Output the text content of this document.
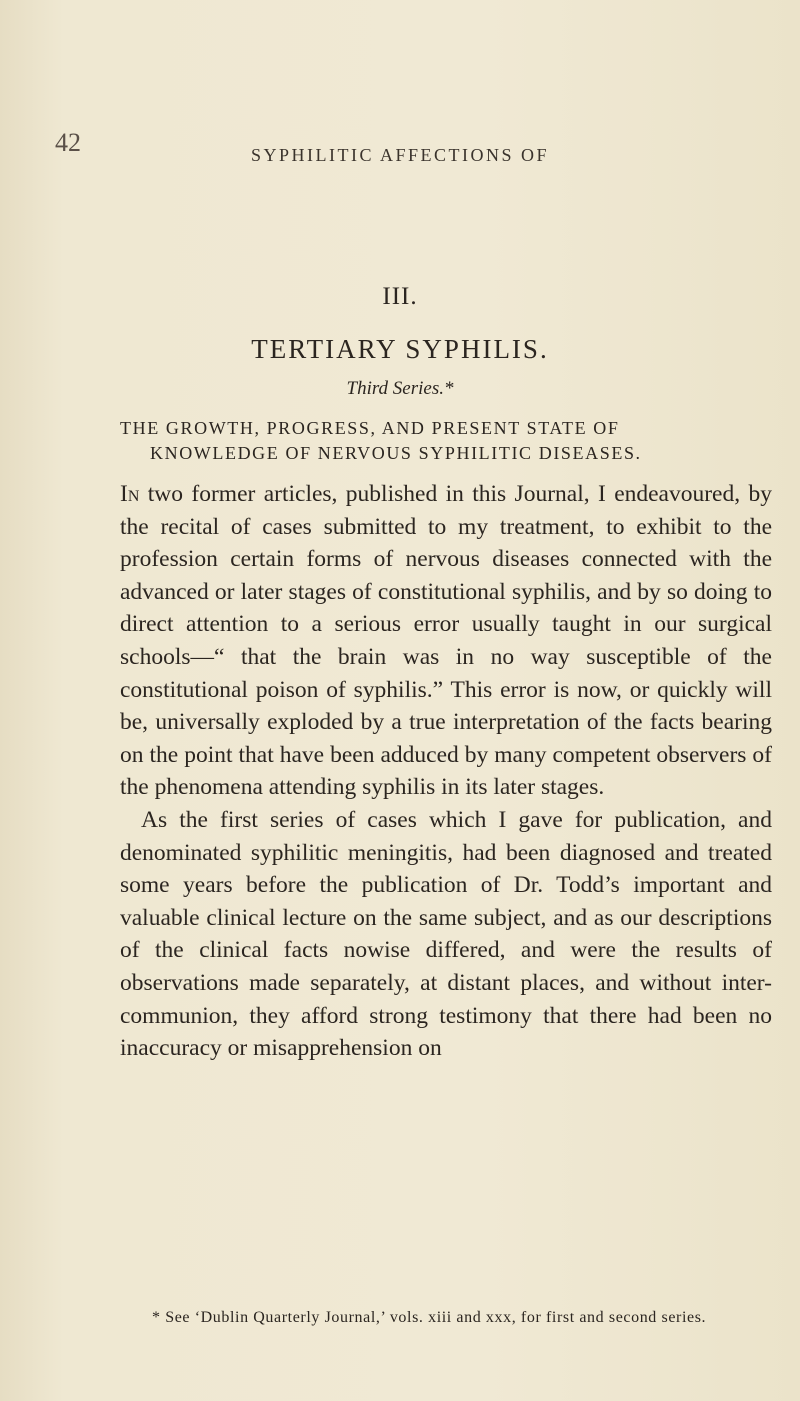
42	SYPHILITIC AFFECTIONS OF
III.
TERTIARY SYPHILIS.
Third Series.*
THE GROWTH, PROGRESS, AND PRESENT STATE OF
KNOWLEDGE OF NERVOUS SYPHILITIC DISEASES.

In two former articles, published in this Journal, I endeavoured, by the recital of cases submitted to my treatment, to exhibit to the profession certain forms of nervous diseases connected with the advanced or later stages of constitutional syphilis, and by so doing to direct attention to a serious error usually taught in our surgical schools—“ that the brain was in no way susceptible of the constitutional poison of syphilis.” This error is now, or quickly will be, universally exploded by a true interpretation of the facts bearing on the point that have been adduced by many competent observers of the phenomena attending syphilis in its later stages.

As the first series of cases which I gave for publication, and denominated syphilitic meningitis, had been diagnosed and treated some years before the publication of Dr. Todd’s important and valuable clinical lecture on the same subject, and as our descriptions of the clinical facts nowise differed, and were the results of observations made separately, at distant places, and without inter-communion, they afford strong testimony that there had been no inaccuracy or misapprehension on

* See ‘Dublin Quarterly Journal,’ vols. xiii and xxx, for first and second series.
